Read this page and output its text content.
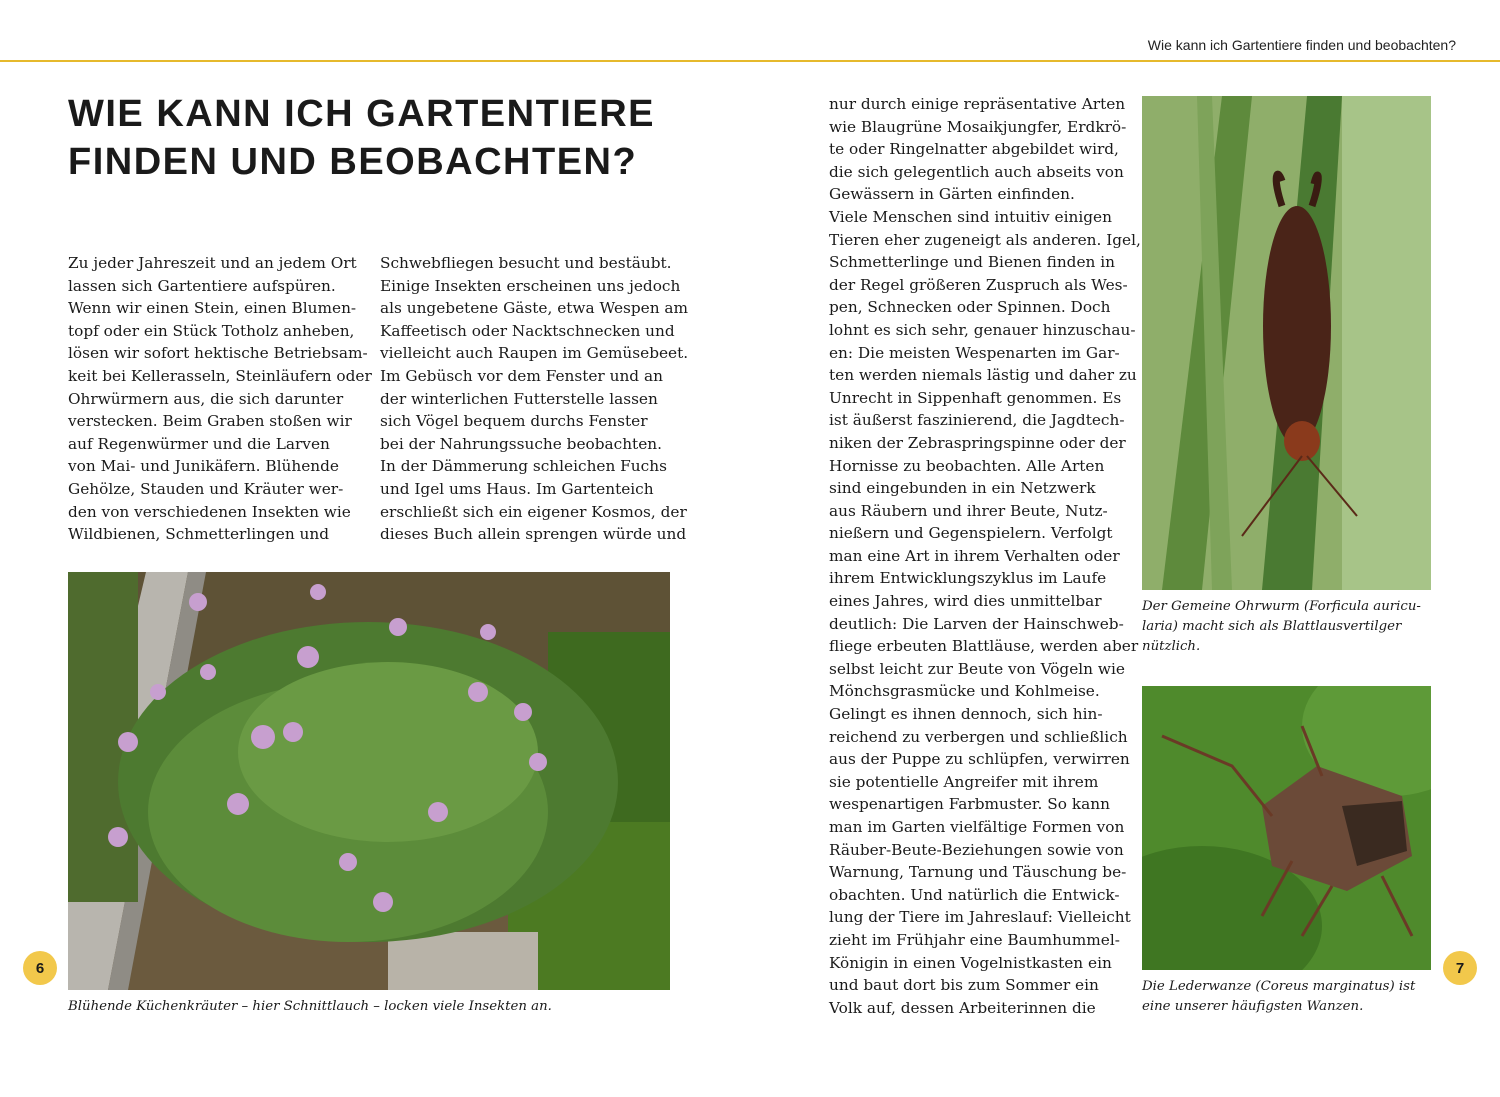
Wie kann ich Gartentiere finden und beobachten?
WIE KANN ICH GARTENTIERE
FINDEN UND BEOBACHTEN?
Zu jeder Jahreszeit und an jedem Ort
lassen sich Gartentiere aufspüren.
Wenn wir einen Stein, einen Blumen-
topf oder ein Stück Totholz anheben,
lösen wir sofort hektische Betriebsam-
keit bei Kellerasseln, Steinläufern oder
Ohrwürmern aus, die sich darunter
verstecken. Beim Graben stoßen wir
auf Regenwürmer und die Larven
von Mai- und Junikäfern. Blühende
Gehölze, Stauden und Kräuter wer-
den von verschiedenen Insekten wie
Wildbienen, Schmetterlingen und
Schwebfliegen besucht und bestäubt.
Einige Insekten erscheinen uns jedoch
als ungebetene Gäste, etwa Wespen am
Kaffeetisch oder Nacktschnecken und
vielleicht auch Raupen im Gemüsebeet.
Im Gebüsch vor dem Fenster und an
der winterlichen Futterstelle lassen
sich Vögel bequem durchs Fenster
bei der Nahrungssuche beobachten.
In der Dämmerung schleichen Fuchs
und Igel ums Haus. Im Gartenteich
erschließt sich ein eigener Kosmos, der
dieses Buch allein sprengen würde und
nur durch einige repräsentative Arten
wie Blaugrüne Mosaikjungfer, Erdkrö-
te oder Ringelnatter abgebildet wird,
die sich gelegentlich auch abseits von
Gewässern in Gärten einfinden.
Viele Menschen sind intuitiv einigen
Tieren eher zugeneigt als anderen. Igel,
Schmetterlinge und Bienen finden in
der Regel größeren Zuspruch als Wes-
pen, Schnecken oder Spinnen. Doch
lohnt es sich sehr, genauer hinzuschau-
en: Die meisten Wespenarten im Gar-
ten werden niemals lästig und daher zu
Unrecht in Sippenhaft genommen. Es
ist äußerst faszinierend, die Jagdtech-
niken der Zebraspringspinne oder der
Hornisse zu beobachten. Alle Arten
sind eingebunden in ein Netzwerk
aus Räubern und ihrer Beute, Nutz-
nießern und Gegenspielern. Verfolgt
man eine Art in ihrem Verhalten oder
ihrem Entwicklungszyklus im Laufe
eines Jahres, wird dies unmittelbar
deutlich: Die Larven der Hainschweb-
fliege erbeuten Blattläuse, werden aber
selbst leicht zur Beute von Vögeln wie
Mönchsgrasmücke und Kohlmeise.
Gelingt es ihnen dennoch, sich hin-
reichend zu verbergen und schließlich
aus der Puppe zu schlüpfen, verwirren
sie potentielle Angreifer mit ihrem
wespenartigen Farbmuster. So kann
man im Garten vielfältige Formen von
Räuber-Beute-Beziehungen sowie von
Warnung, Tarnung und Täuschung be-
obachten. Und natürlich die Entwick-
lung der Tiere im Jahreslauf: Vielleicht
zieht im Frühjahr eine Baumhummel-
Königin in einen Vogelnistkasten ein
und baut dort bis zum Sommer ein
Volk auf, dessen Arbeiterinnen die
Blühende Küchenkräuter – hier Schnittlauch – locken viele Insekten an.
Der Gemeine Ohrwurm (Forficula auricu-
laria) macht sich als Blattlausvertilger
nützlich.
Die Lederwanze (Coreus marginatus) ist
eine unserer häufigsten Wanzen.
6	7
